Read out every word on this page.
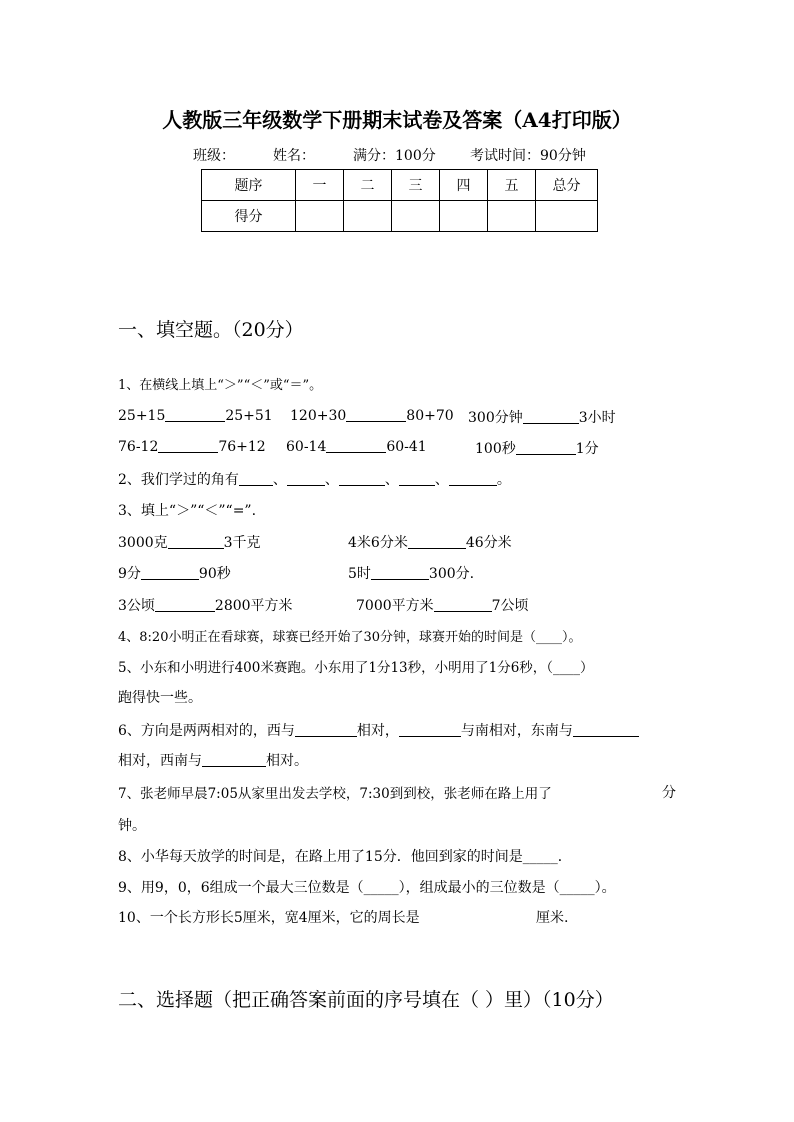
人教版三年级数学下册期末试卷及答案（A4打印版）
班级：	姓名：	满分：100分 考试时间：90分钟
题序	一	二	三	四	五	总分
得分						
一、填空题。（20分）
1、在横线上填上“＞”“＜”或“＝”。
25+15	25+51 120+30	80+70 300分钟	3小时
76-12	76+12 60-14	60-41	100秒	1分
2、我们学过的角有 、	、	、	、	。
3、填上“＞”“＜”“=”.
3000克	3千克	4米6分米	46分米
9分	90秒	5时	300分.
3公顷	2800平方米	7000平方米	7公顷
4、8:20小明正在看球赛，球赛已经开始了30分钟，球赛开始的时间是（____）。
5、小东和小明进行400米赛跑。小东用了1分13秒，小明用了1分6秒，（____）
跑得快一些。
6、方向是两两相对的，西与	相对，	与南相对，东南与
相对，西南与	相对。
7、张老师早晨7:05从家里出发去学校，7:30到到校，张老师在路上用了	分
钟。
8、小华每天放学的时间是，在路上用了15分．他回到家的时间是_____．
9、用9，0，6组成一个最大三位数是（_____），组成最小的三位数是（_____）。
10、一个长方形长5厘米，宽4厘米，它的周长是	厘米.
二、选择题（把正确答案前面的序号填在（ ）里）（10分）
